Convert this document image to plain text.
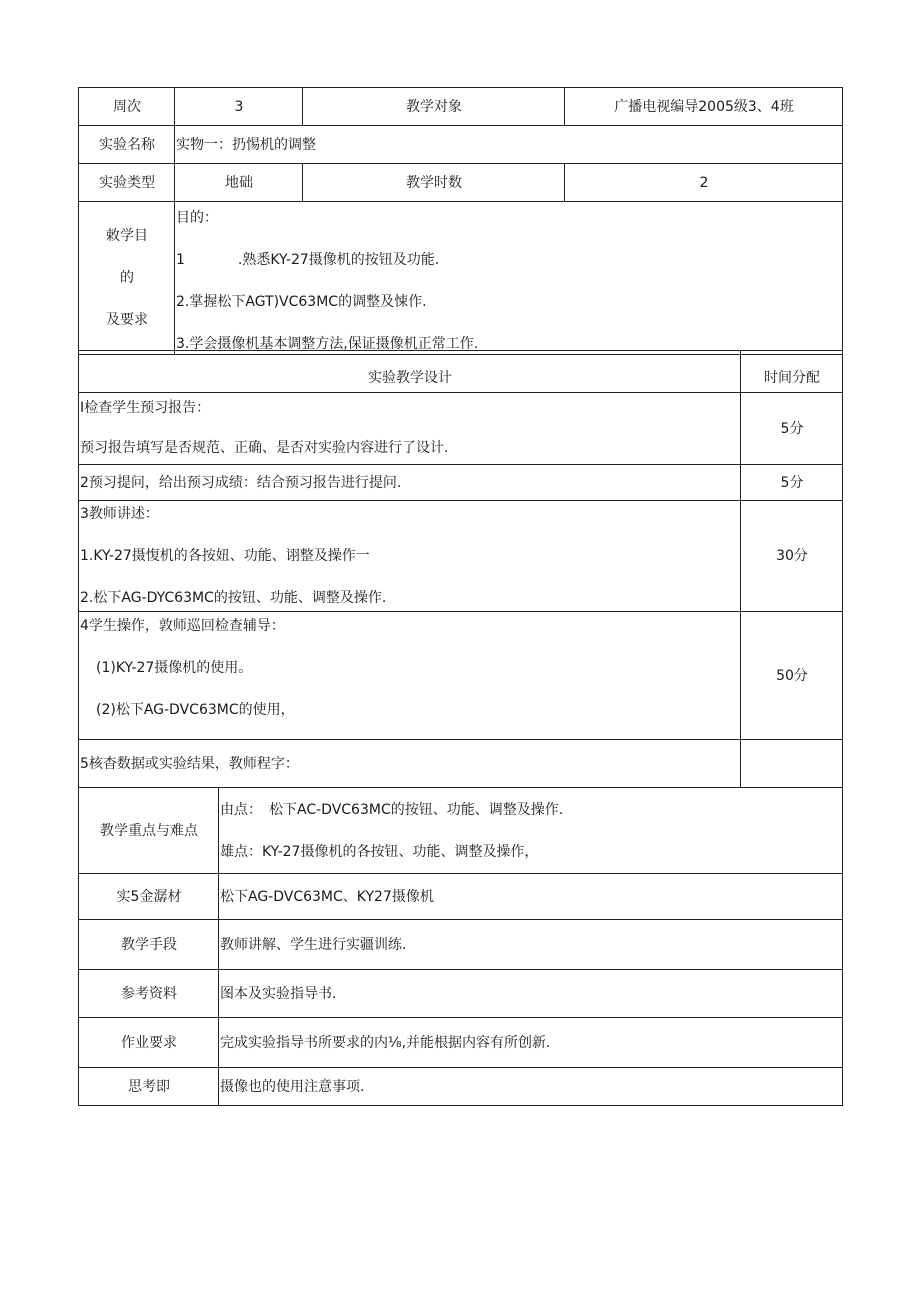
周次	3	教学对象	广播电视编导2005级3、4班
实验名称	实物一：扔惕机的调整		
实验类型	地础	教学时数	2

敕学目
的
及要求	目的：
1 .熟悉KY-27摄像机的按钮及功能.
2.掌握松下AGT)VC63MC的调整及悚作.
3.学会摄像机基本调整方法,保证摄像机正常工作.		
实验教学设计	时间分配

I检查学生预习报告：
预习报告填写是否规范、正确、是否对实验内容进行了设计.	5分
2预习提问，给出预习成绩：结合预习报告进行提问.	5分

3教师讲述：
1.KY-27摄愎机的各按妞、功能、诩整及操作一
2.松下AG-DYC63MC的按钮、功能、调整及操作.	30分

4学生操作，敦师巡回检查辅导：
(1)KY-27摄像机的使用。
(2)松下AG-DVC63MC的使用，	50分
5核杳数据或实验结果，教师程字：	
教学重点与难点	由点：　松下AC-DVC63MC的按钮、功能、调整及操作.
雄点：KY-27摄像机的各按钮、功能、调整及操作，

实5金潺材	松下AG-DVC63MC、KY27摄像机
教学手段	教师讲解、学生进行实疆训练.
参考资料	图本及实验指导书.
作业要求	完成实验指导书所要求的内⅛,并能根据内容有所创新.
思考即	摄像也的使用注意事项.
